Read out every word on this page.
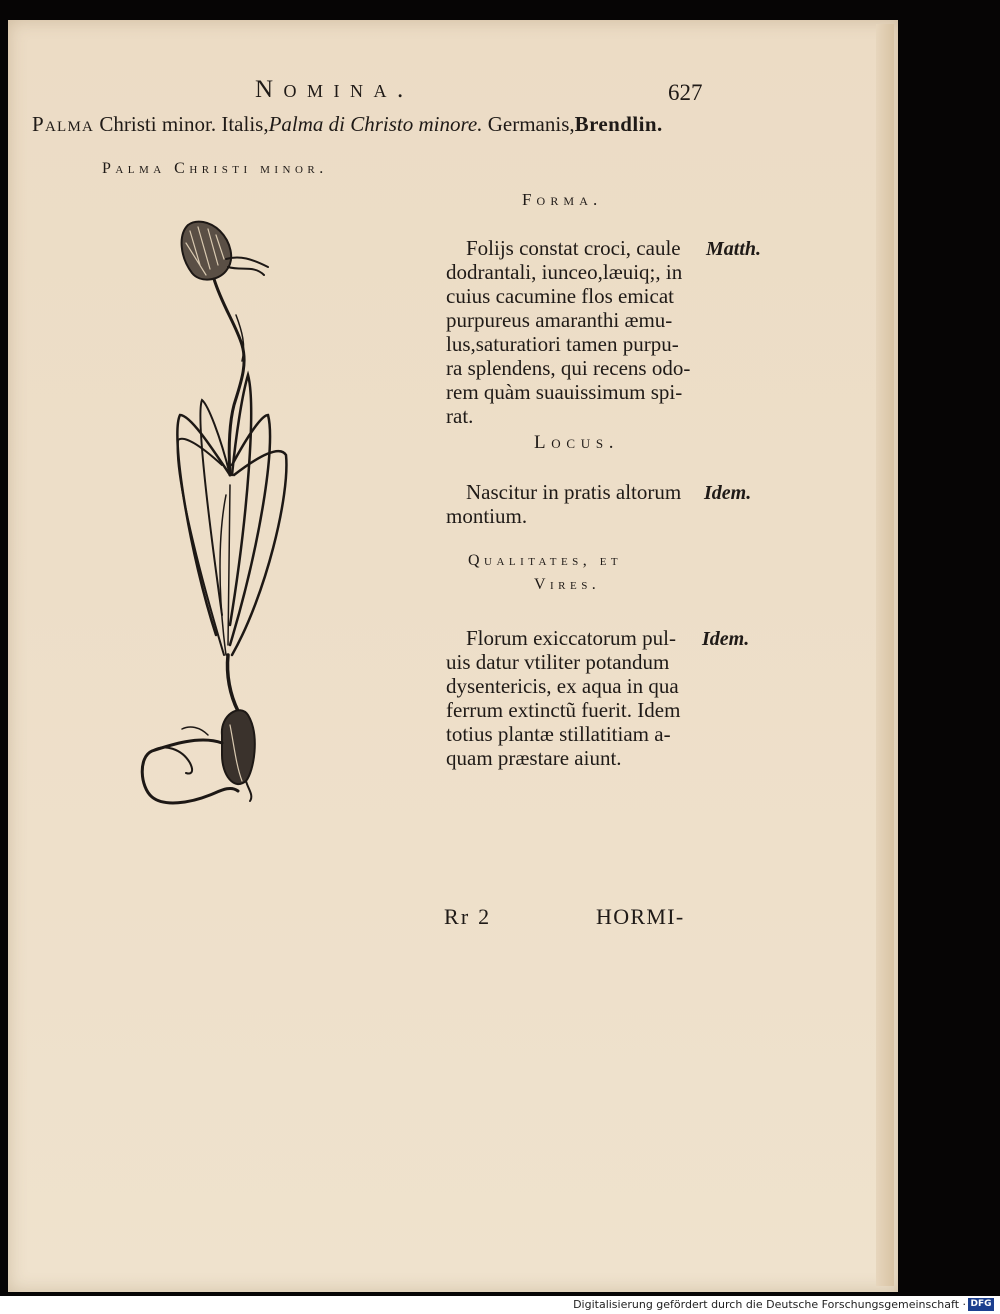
Nomina.	627
Palma Christi minor. Italis,Palma di Christo minore. Germanis,Brendlin.
Palma Christi minor.
Forma.
Folijs constat croci, caule
dodrantali, iunceo,læuiq;, in
cuius cacumine flos emicat
purpureus amaranthi æmu-
lus,saturatiori tamen purpu-
ra splendens, qui recens odo-
rem quàm suauissimum spi-
rat.
Matth.
Locus.
Nascitur in pratis altorum
montium.
Idem.
Qualitates, et
Vires.
Florum exiccatorum pul-
uis datur vtiliter potandum
dysentericis, ex aqua in qua
ferrum extinctũ fuerit. Idem
totius plantæ stillatitiam a-
quam præstare aiunt.
Idem.
Rr 2	HORMI-
Digitalisierung gefördert durch die Deutsche Forschungsgemeinschaft · DFG
